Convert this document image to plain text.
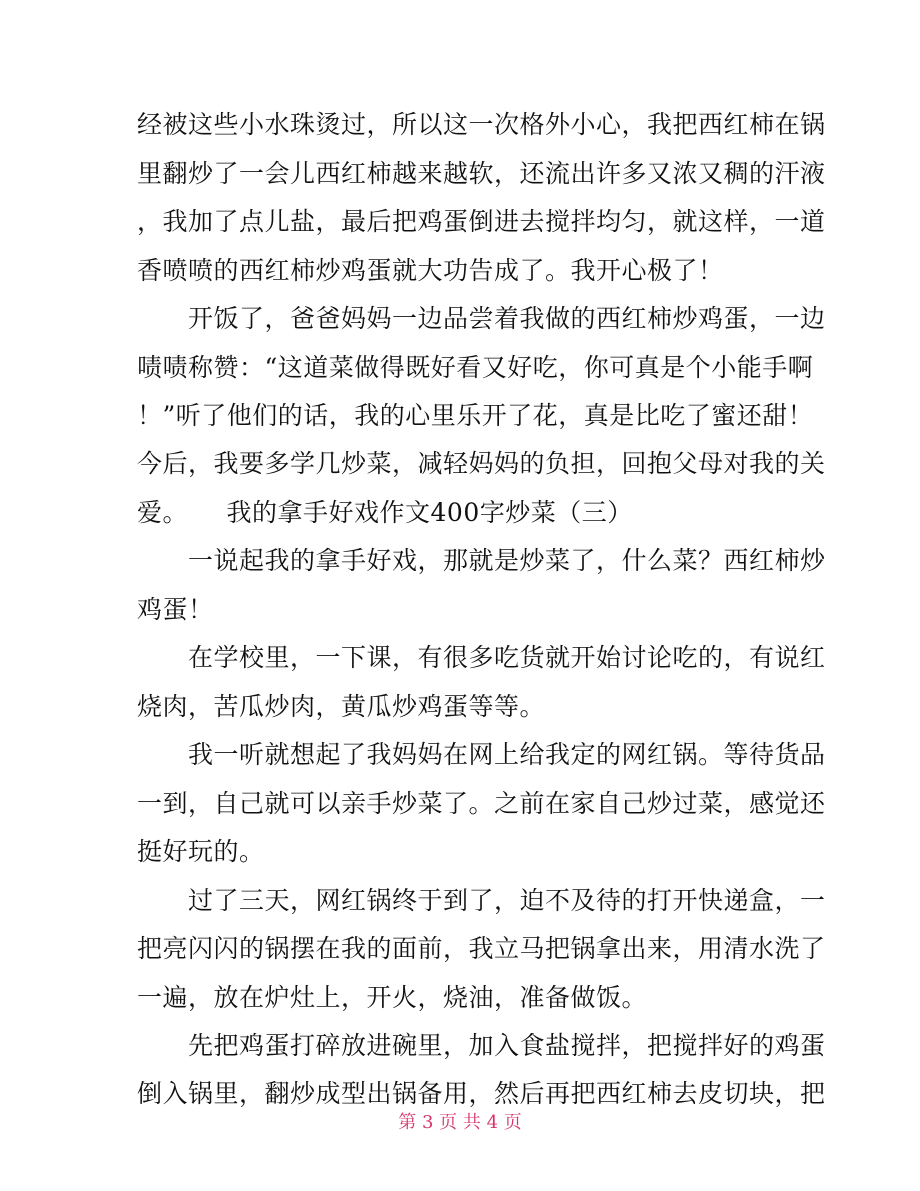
经被这些小水珠烫过，所以这一次格外小心，我把西红柿在锅
里翻炒了一会儿西红柿越来越软，还流出许多又浓又稠的汗液
，我加了点儿盐，最后把鸡蛋倒进去搅拌均匀，就这样，一道
香喷喷的西红柿炒鸡蛋就大功告成了。我开心极了！
　　开饭了，爸爸妈妈一边品尝着我做的西红柿炒鸡蛋，一边
啧啧称赞：“这道菜做得既好看又好吃，你可真是个小能手啊
！”听了他们的话，我的心里乐开了花，真是比吃了蜜还甜！
今后，我要多学几炒菜，减轻妈妈的负担，回抱父母对我的关
爱。　　我的拿手好戏作文400字炒菜（三）
　　一说起我的拿手好戏，那就是炒菜了，什么菜？西红柿炒
鸡蛋！
　　在学校里，一下课，有很多吃货就开始讨论吃的，有说红
烧肉，苦瓜炒肉，黄瓜炒鸡蛋等等。
　　我一听就想起了我妈妈在网上给我定的网红锅。等待货品
一到，自己就可以亲手炒菜了。之前在家自己炒过菜，感觉还
挺好玩的。
　　过了三天，网红锅终于到了，迫不及待的打开快递盒，一
把亮闪闪的锅摆在我的面前，我立马把锅拿出来，用清水洗了
一遍，放在炉灶上，开火，烧油，准备做饭。
　　先把鸡蛋打碎放进碗里，加入食盐搅拌，把搅拌好的鸡蛋
倒入锅里，翻炒成型出锅备用，然后再把西红柿去皮切块，把
第 3 页 共 4 页
